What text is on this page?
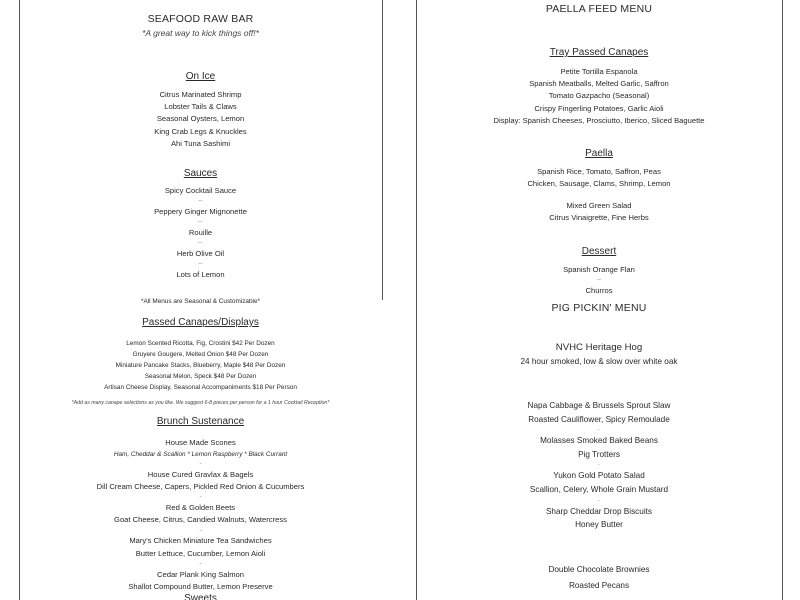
SEAFOOD RAW BAR

*A great way to kick things off!*

On Ice

Citrus Marinated Shrimp

Lobster Tails & Claws

Seasonal Oysters, Lemon

King Crab Legs & Knuckles

Ahi Tuna Sashimi

Sauces

Spicy Cocktail Sauce

--

Peppery Ginger Mignonette

--

Rouille

--

Herb Olive Oil

--

Lots of Lemon

PAELLA FEED MENU

Tray Passed Canapes

Petite Tortilla Espanola

Spanish Meatballs, Melted Garlic, Saffron

Tomato Gazpacho (Seasonal)

Crispy Fingerling Potatoes, Garlic Aioli

Display: Spanish Cheeses, Prosciutto, Iberico, Sliced Baguette

Paella

Spanish Rice, Tomato, Saffron, Peas

Chicken, Sausage, Clams, Shrimp, Lemon

Mixed Green Salad

Citrus Vinaigrette, Fine Herbs

Dessert

Spanish Orange Flan

--

Churros

*All Menus are Seasonal & Customizable*

Passed Canapes/Displays

Lemon Scented Ricotta, Fig, Crostini $42 Per Dozen

Gruyere Gougere, Melted Onion $48 Per Dozen

Miniature Pancake Stacks, Blueberry, Maple $48 Per Dozen

Seasonal Melon, Speck $48 Per Dozen

Artisan Cheese Display, Seasonal Accompaniments $18 Per Person

*Add as many canape selections as you like. We suggest 6-8 pieces per person for a 1 hour Cocktail Reception*

Brunch Sustenance

House Made Scones

Ham, Cheddar & Scallion * Lemon Raspberry * Black Currant

-

House Cured Gravlax & Bagels

Dill Cream Cheese, Capers, Pickled Red Onion & Cucumbers

-

Red & Golden Beets

Goat Cheese, Citrus, Candied Walnuts, Watercress

-

Mary's Chicken Miniature Tea Sandwiches

Butter Lettuce, Cucumber, Lemon Aioli

-

Cedar Plank King Salmon

Shallot Compound Butter, Lemon Preserve

Sweets

PIG PICKIN' MENU

NVHC Heritage Hog

24 hour smoked, low & slow over white oak

Napa Cabbage & Brussels Sprout Slaw

Roasted Cauliflower, Spicy Remoulade

-

Molasses Smoked Baked Beans

Pig Trotters

-

Yukon Gold Potato Salad

Scallion, Celery, Whole Grain Mustard

-

Sharp Cheddar Drop Biscuits

Honey Butter

Double Chocolate Brownies

Roasted Pecans
